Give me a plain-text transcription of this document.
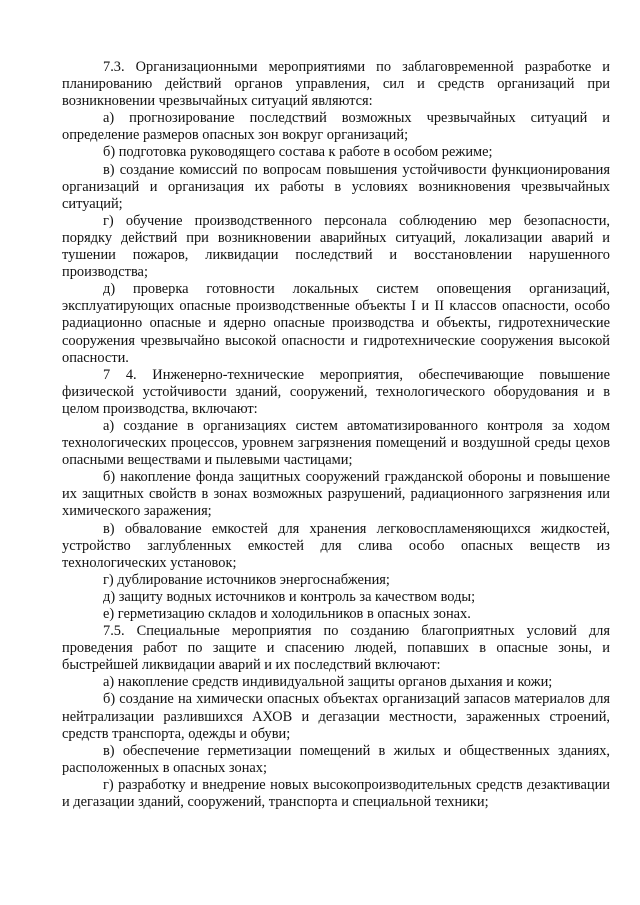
7.3. Организационными мероприятиями по заблаговременной разработке и планированию действий органов управления, сил и средств организаций при возникновении чрезвычайных ситуаций являются:

а) прогнозирование последствий возможных чрезвычайных ситуаций и определение размеров опасных зон вокруг организаций;

б) подготовка руководящего состава к работе в особом режиме;

в) создание комиссий по вопросам повышения устойчивости функционирования организаций и организация их работы в условиях возникновения чрезвычайных ситуаций;

г) обучение производственного персонала соблюдению мер безопасности, порядку действий при возникновении аварийных ситуаций, локализации аварий и тушении пожаров, ликвидации последствий и восстановлении нарушенного производства;

д) проверка готовности локальных систем оповещения организаций, эксплуатирующих опасные производственные объекты I и II классов опасности, особо радиационно опасные и ядерно опасные производства и объекты, гидротехнические сооружения чрезвычайно высокой опасности и гидротехнические сооружения высокой опасности.

7 4. Инженерно-технические мероприятия, обеспечивающие повышение физической устойчивости зданий, сооружений, технологического оборудования и в целом производства, включают:

а) создание в организациях систем автоматизированного контроля за ходом технологических процессов, уровнем загрязнения помещений и воздушной среды цехов опасными веществами и пылевыми частицами;

б) накопление фонда защитных сооружений гражданской обороны и повышение их защитных свойств в зонах возможных разрушений, радиационного загрязнения или химического заражения;

в) обвалование емкостей для хранения легковоспламеняющихся жидкостей, устройство заглубленных емкостей для слива особо опасных веществ из технологических установок;

г) дублирование источников энергоснабжения;

д) защиту водных источников и контроль за качеством воды;

е) герметизацию складов и холодильников в опасных зонах.

7.5. Специальные мероприятия по созданию благоприятных условий для проведения работ по защите и спасению людей, попавших в опасные зоны, и быстрейшей ликвидации аварий и их последствий включают:

а) накопление средств индивидуальной защиты органов дыхания и кожи;

б) создание на химически опасных объектах организаций запасов материалов для нейтрализации разлившихся АХОВ и дегазации местности, зараженных строений, средств транспорта, одежды и обуви;

в) обеспечение герметизации помещений в жилых и общественных зданиях, расположенных в опасных зонах;

г) разработку и внедрение новых высокопроизводительных средств дезактивации и дегазации зданий, сооружений, транспорта и специальной техники;
